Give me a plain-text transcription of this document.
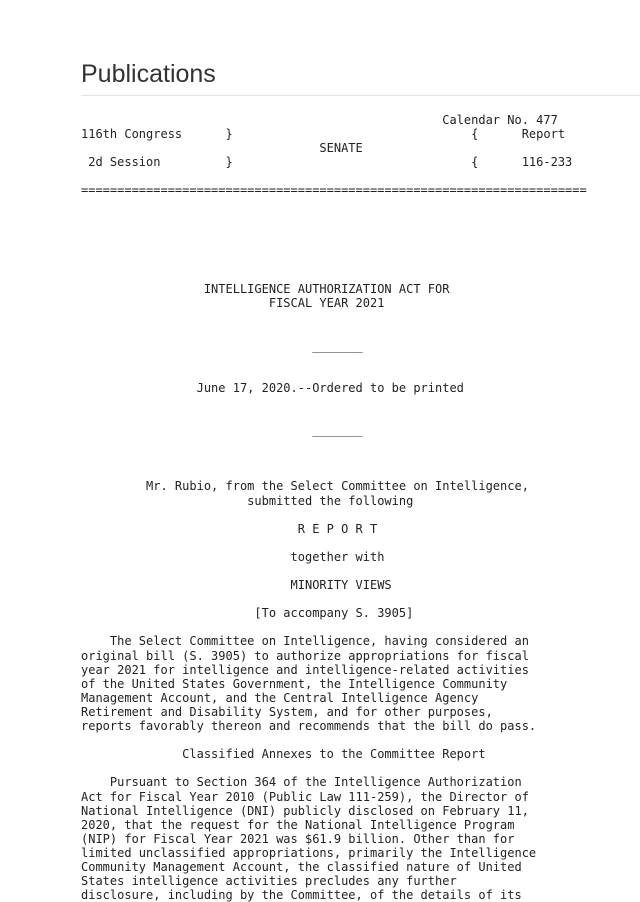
Publications
Calendar No. 477
116th Congress      }                                 {      Report
SENATE
2d Session         }                                 {      116-233

======================================================================

INTELLIGENCE AUTHORIZATION ACT FOR
FISCAL YEAR 2021

_______

June 17, 2020.--Ordered to be printed

_______

Mr. Rubio, from the Select Committee on Intelligence,
submitted the following

R E P O R T

together with

MINORITY VIEWS

[To accompany S. 3905]

The Select Committee on Intelligence, having considered an
original bill (S. 3905) to authorize appropriations for fiscal
year 2021 for intelligence and intelligence-related activities
of the United States Government, the Intelligence Community
Management Account, and the Central Intelligence Agency
Retirement and Disability System, and for other purposes,
reports favorably thereon and recommends that the bill do pass.

Classified Annexes to the Committee Report

Pursuant to Section 364 of the Intelligence Authorization
Act for Fiscal Year 2010 (Public Law 111-259), the Director of
National Intelligence (DNI) publicly disclosed on February 11,
2020, that the request for the National Intelligence Program
(NIP) for Fiscal Year 2021 was $61.9 billion. Other than for
limited unclassified appropriations, primarily the Intelligence
Community Management Account, the classified nature of United
States intelligence activities precludes any further
disclosure, including by the Committee, of the details of its
